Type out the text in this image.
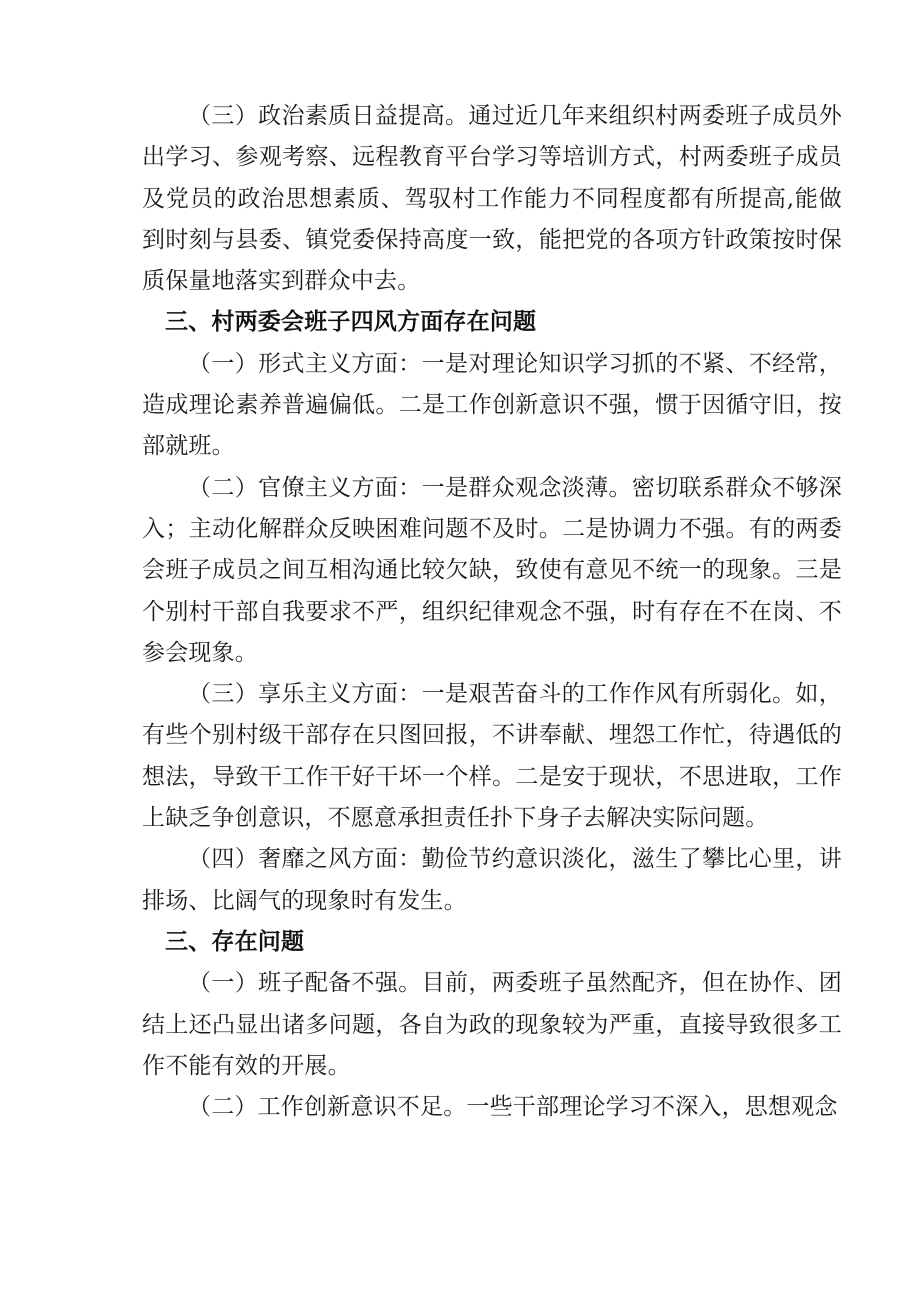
（三）政治素质日益提高。通过近几年来组织村两委班子成员外出学习、参观考察、远程教育平台学习等培训方式，村两委班子成员及党员的政治思想素质、驾驭村工作能力不同程度都有所提高,能做到时刻与县委、镇党委保持高度一致，能把党的各项方针政策按时保质保量地落实到群众中去。

三、村两委会班子四风方面存在问题

（一）形式主义方面：一是对理论知识学习抓的不紧、不经常，造成理论素养普遍偏低。二是工作创新意识不强，惯于因循守旧，按部就班。

（二）官僚主义方面：一是群众观念淡薄。密切联系群众不够深入；主动化解群众反映困难问题不及时。二是协调力不强。有的两委会班子成员之间互相沟通比较欠缺，致使有意见不统一的现象。三是个别村干部自我要求不严，组织纪律观念不强，时有存在不在岗、不参会现象。

（三）享乐主义方面：一是艰苦奋斗的工作作风有所弱化。如，有些个别村级干部存在只图回报，不讲奉献、埋怨工作忙，待遇低的想法，导致干工作干好干坏一个样。二是安于现状，不思进取，工作上缺乏争创意识，不愿意承担责任扑下身子去解决实际问题。

（四）奢靡之风方面：勤俭节约意识淡化，滋生了攀比心里，讲排场、比阔气的现象时有发生。

三、存在问题

（一）班子配备不强。目前，两委班子虽然配齐，但在协作、团结上还凸显出诸多问题，各自为政的现象较为严重，直接导致很多工作不能有效的开展。

（二）工作创新意识不足。一些干部理论学习不深入，思想观念
